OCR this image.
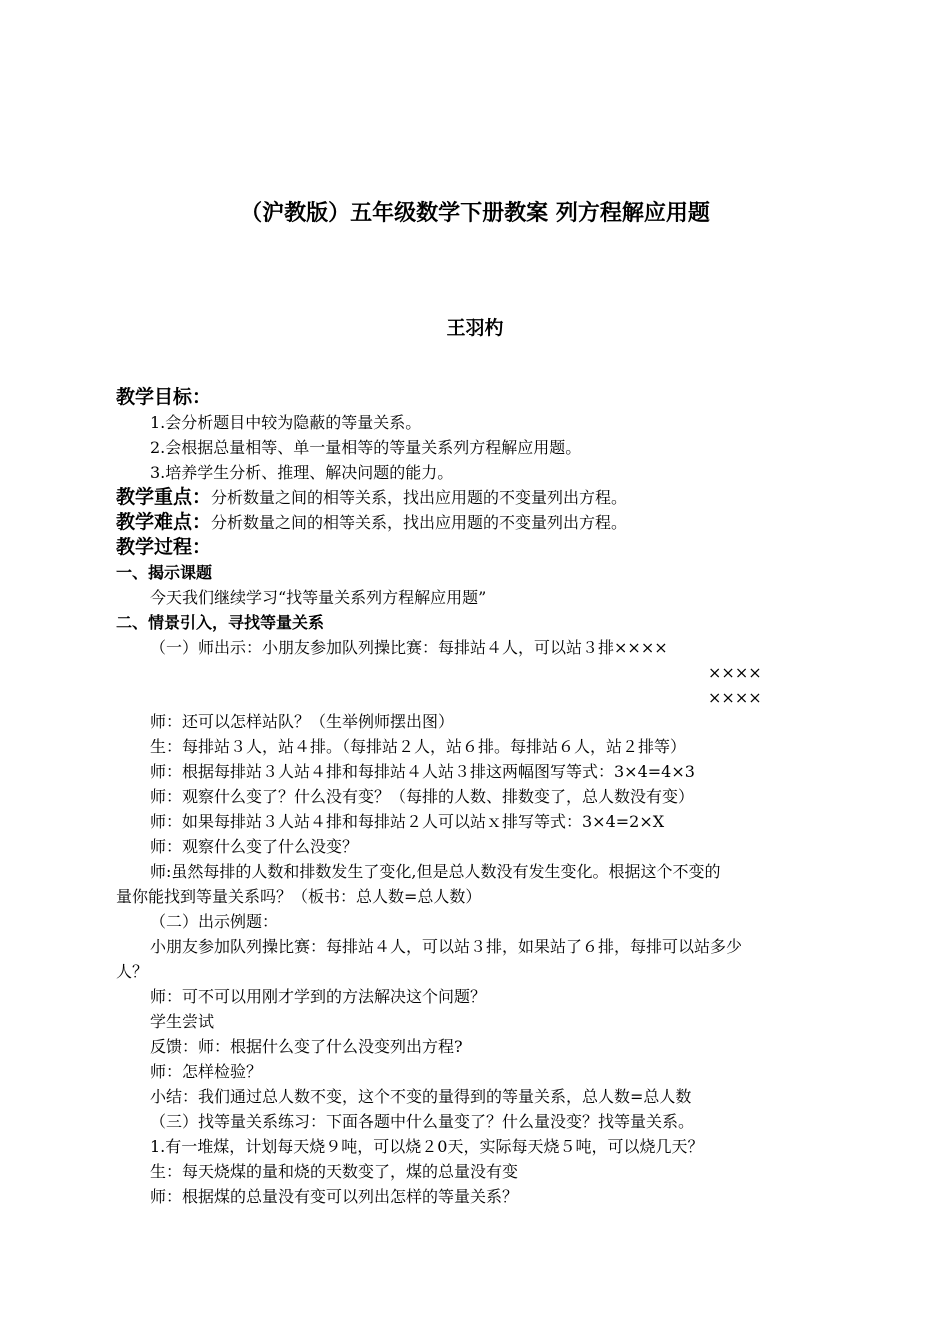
（沪教版）五年级数学下册教案 列方程解应用题
王羽杓
教学目标：
1.会分析题目中较为隐蔽的等量关系。
2.会根据总量相等、单一量相等的等量关系列方程解应用题。
3.培养学生分析、推理、解决问题的能力。
教学重点：分析数量之间的相等关系，找出应用题的不变量列出方程。
教学难点：分析数量之间的相等关系，找出应用题的不变量列出方程。
教学过程：
一、揭示课题
今天我们继续学习“找等量关系列方程解应用题”
二、情景引入，寻找等量关系
（一）师出示：小朋友参加队列操比赛：每排站４人，可以站３排××××
××××
××××
师：还可以怎样站队？（生举例师摆出图）
生：每排站３人，站４排。（每排站２人，站６排。每排站６人，站２排等）
师：根据每排站３人站４排和每排站４人站３排这两幅图写等式：3×4=4×3
师：观察什么变了？什么没有变？（每排的人数、排数变了，总人数没有变）
师：如果每排站３人站４排和每排站２人可以站ｘ排写等式：3×4=2×X
师：观察什么变了什么没变？
师:虽然每排的人数和排数发生了变化,但是总人数没有发生变化。根据这个不变的
量你能找到等量关系吗？（板书：总人数=总人数）
（二）出示例题：
小朋友参加队列操比赛：每排站４人，可以站３排，如果站了６排，每排可以站多少
人？
师：可不可以用刚才学到的方法解决这个问题？
学生尝试
反馈：师：根据什么变了什么没变列出方程?
师：怎样检验？
小结：我们通过总人数不变，这个不变的量得到的等量关系，总人数=总人数
（三）找等量关系练习：下面各题中什么量变了？什么量没变？找等量关系。
1.有一堆煤，计划每天烧９吨，可以烧２0天，实际每天烧５吨，可以烧几天？
生：每天烧煤的量和烧的天数变了，煤的总量没有变
师：根据煤的总量没有变可以列出怎样的等量关系？
